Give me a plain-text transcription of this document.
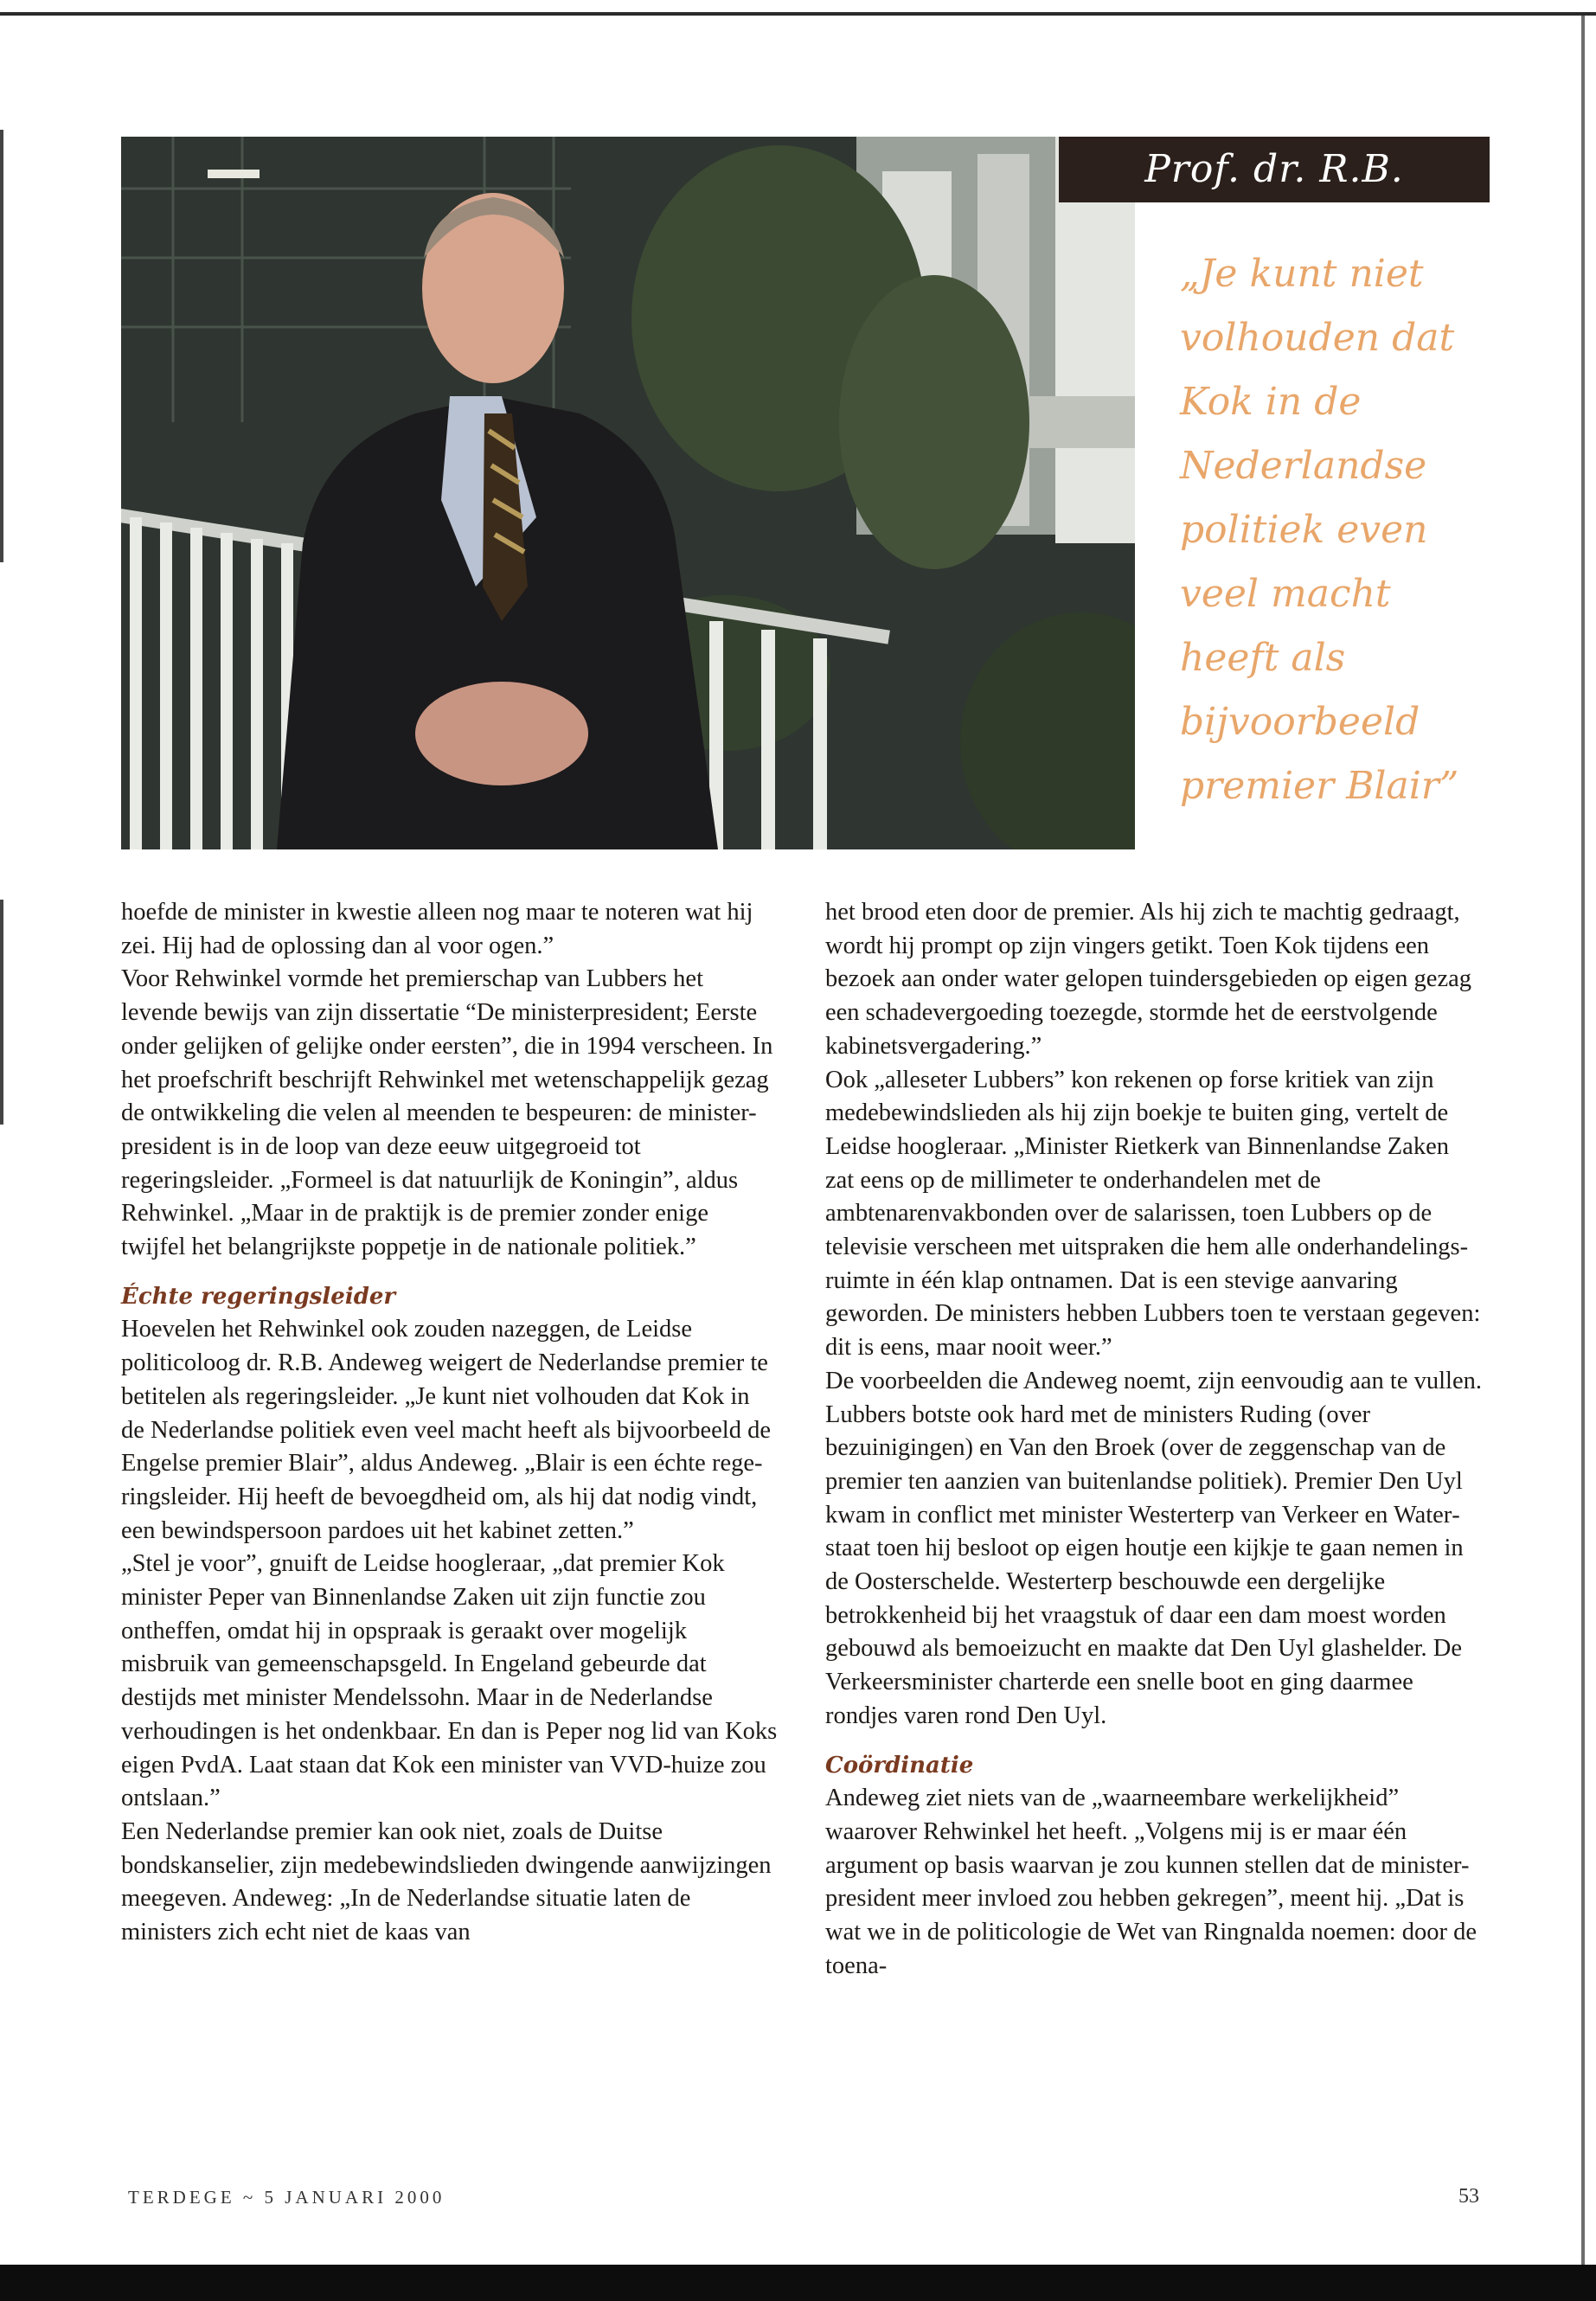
Prof. dr. R.B. Andeweg:

„Je kunt niet volhouden dat Kok in de Nederlandse politiek even veel macht heeft als bijvoorbeeld premier Blair”

hoefde de minister in kwestie alleen nog maar te noteren wat hij zei. Hij had de oplossing dan al voor ogen.”

Voor Rehwinkel vormde het premierschap van Lubbers het levende bewijs van zijn dissertatie “De ministerpresident; Eerste onder gelijken of gelijke onder eersten”, die in 1994 verscheen. In het proefschrift beschrijft Rehwinkel met wetenschappelijk gezag de ontwikkeling die velen al meenden te bespeuren: de minister-president is in de loop van deze eeuw uitgegroeid tot regeringsleider. „Formeel is dat natuurlijk de Koningin”, aldus Rehwinkel. „Maar in de praktijk is de premier zonder enige twijfel het belangrijkste poppetje in de nationale politiek.”

Échte regeringsleider

Hoevelen het Rehwinkel ook zouden nazeggen, de Leidse politicoloog dr. R.B. Andeweg weigert de Nederlandse premier te betitelen als regeringsleider. „Je kunt niet volhouden dat Kok in de Nederlandse politiek even veel macht heeft als bijvoorbeeld de Engelse premier Blair”, aldus Andeweg. „Blair is een échte regeringsleider. Hij heeft de bevoegdheid om, als hij dat nodig vindt, een bewindspersoon pardoes uit het kabinet zetten.”

„Stel je voor”, gnuift de Leidse hoogleraar, „dat premier Kok minister Peper van Binnenlandse Zaken uit zijn functie zou ontheffen, omdat hij in opspraak is geraakt over mogelijk misbruik van gemeenschapsgeld. In Engeland gebeurde dat destijds met minister Mendelssohn. Maar in de Nederlandse verhoudingen is het ondenkbaar. En dan is Peper nog lid van Koks eigen PvdA. Laat staan dat Kok een minister van VVD-huize zou ontslaan.”

Een Nederlandse premier kan ook niet, zoals de Duitse bondskanselier, zijn medebewindslieden dwingende aanwijzingen meegeven. Andeweg: „In de Nederlandse situatie laten de ministers zich echt niet de kaas van

het brood eten door de premier. Als hij zich te machtig gedraagt, wordt hij prompt op zijn vingers getikt. Toen Kok tijdens een bezoek aan onder water gelopen tuindersgebieden op eigen gezag een schadevergoeding toezegde, stormde het de eerstvolgende kabinetsvergadering.”

Ook „alleseter Lubbers” kon rekenen op forse kritiek van zijn medebewindslieden als hij zijn boekje te buiten ging, vertelt de Leidse hoogleraar. „Minister Rietkerk van Binnenlandse Zaken zat eens op de millimeter te onderhandelen met de ambtenarenvakbonden over de salarissen, toen Lubbers op de televisie verscheen met uitspraken die hem alle onderhandelingsruimte in één klap ontnamen. Dat is een stevige aanvaring geworden. De ministers hebben Lubbers toen te verstaan gegeven: dit is eens, maar nooit weer.”

De voorbeelden die Andeweg noemt, zijn eenvoudig aan te vullen. Lubbers botste ook hard met de ministers Ruding (over bezuinigingen) en Van den Broek (over de zeggenschap van de premier ten aanzien van buitenlandse politiek). Premier Den Uyl kwam in conflict met minister Westerterp van Verkeer en Waterstaat toen hij besloot op eigen houtje een kijkje te gaan nemen in de Oosterschelde. Westerterp beschouwde een dergelijke betrokkenheid bij het vraagstuk of daar een dam moest worden gebouwd als bemoeizucht en maakte dat Den Uyl glashelder. De Verkeersminister charterde een snelle boot en ging daarmee rondjes varen rond Den Uyl.

Coördinatie

Andeweg ziet niets van de „waarneembare werkelijkheid” waarover Rehwinkel het heeft. „Volgens mij is er maar één argument op basis waarvan je zou kunnen stellen dat de minister-president meer invloed zou hebben gekregen”, meent hij. „Dat is wat we in de politicologie de Wet van Ringnalda noemen: door de toena-

TERDEGE ~ 5 JANUARI 2000	53
